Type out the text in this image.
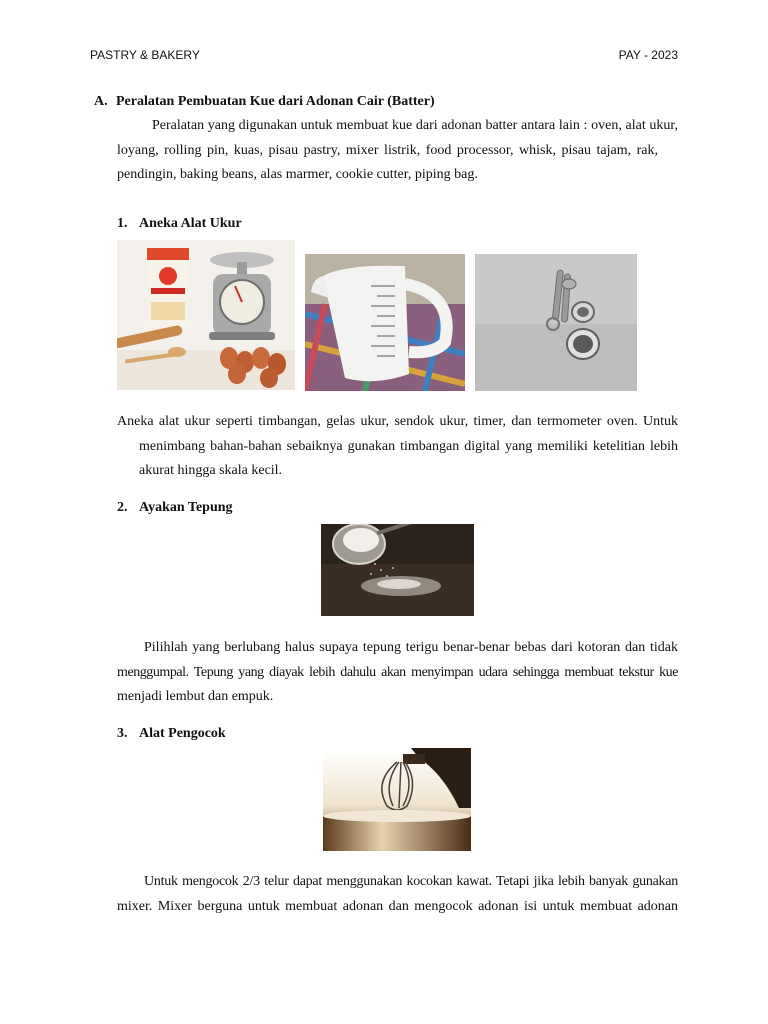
PASTRY & BAKERY	PAY - 2023
A. Peralatan Pembuatan Kue dari Adonan Cair (Batter)
Peralatan yang digunakan untuk membuat kue dari adonan batter antara lain : oven, alat ukur,
loyang, rolling pin, kuas, pisau pastry, mixer listrik, food processor, whisk, pisau tajam, rak,
pendingin, baking beans, alas marmer, cookie cutter, piping bag.
1. Aneka Alat Ukur
Aneka alat ukur seperti timbangan, gelas ukur, sendok ukur, timer, dan termometer oven. Untuk
menimbang bahan-bahan sebaiknya gunakan timbangan digital yang memiliki ketelitian lebih
akurat hingga skala kecil.
2. Ayakan Tepung
Pilihlah yang berlubang halus supaya tepung terigu benar-benar bebas dari kotoran dan tidak
menggumpal. Tepung yang diayak lebih dahulu akan menyimpan udara sehingga membuat tekstur kue
menjadi lembut dan empuk.
3. Alat Pengocok
Untuk mengocok 2/3 telur dapat menggunakan kocokan kawat. Tetapi jika lebih banyak gunakan
mixer. Mixer berguna untuk membuat adonan dan mengocok adonan isi untuk membuat adonan
